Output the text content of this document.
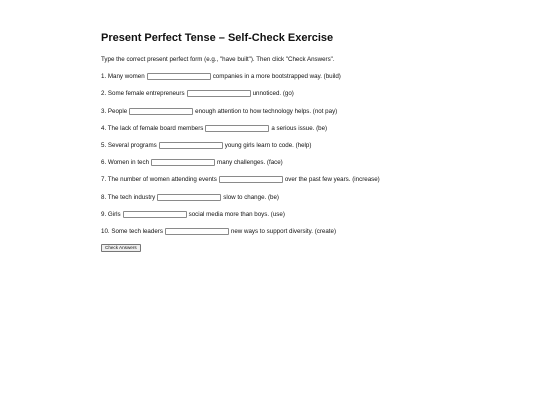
Present Perfect Tense – Self-Check Exercise
Type the correct present perfect form (e.g., "have built"). Then click "Check Answers".
1. Many women	companies in a more bootstrapped way. (build)
2. Some female entrepreneurs	unnoticed. (go)
3. People	enough attention to how technology helps. (not pay)
4. The lack of female board members	a serious issue. (be)
5. Several programs	young girls learn to code. (help)
6. Women in tech	many challenges. (face)
7. The number of women attending events	over the past few years. (increase)
8. The tech industry	slow to change. (be)
9. Girls	social media more than boys. (use)
10. Some tech leaders	new ways to support diversity. (create)
Check Answers
